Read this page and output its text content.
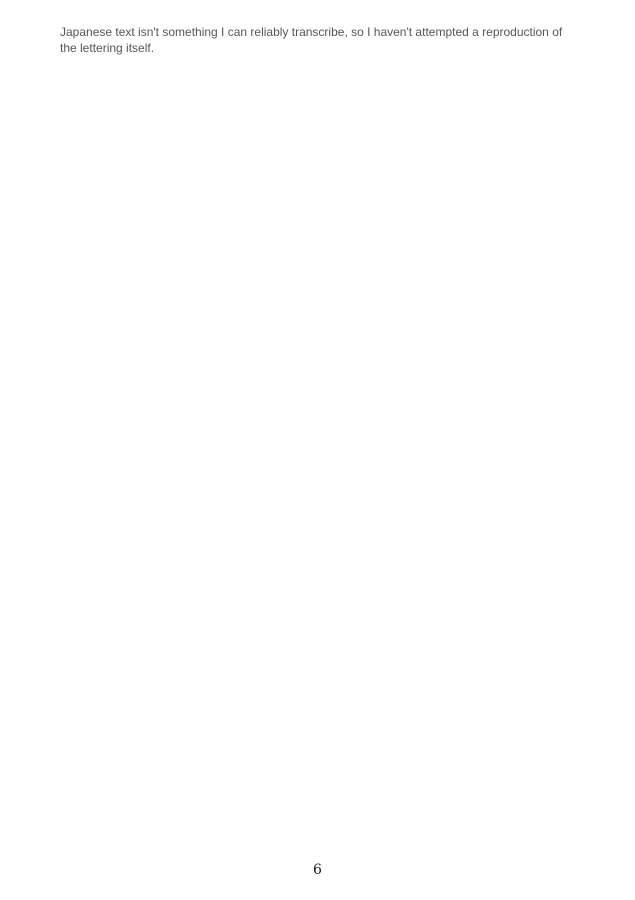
Japanese text isn't something I can reliably transcribe, so I haven't attempted a reproduction of the lettering itself.

6
